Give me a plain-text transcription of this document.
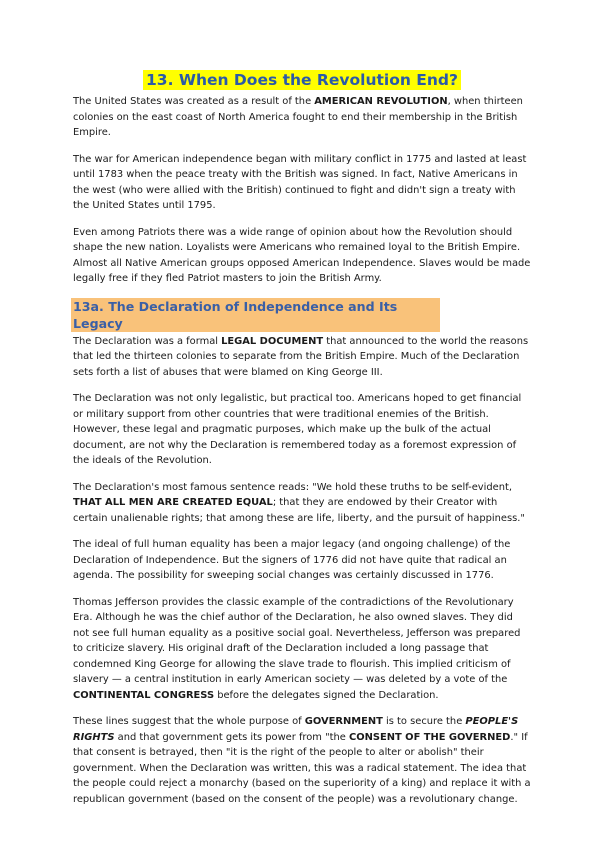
13. When Does the Revolution End?

The United States was created as a result of the AMERICAN REVOLUTION, when thirteen colonies on the east coast of North America fought to end their membership in the British Empire.

The war for American independence began with military conflict in 1775 and lasted at least until 1783 when the peace treaty with the British was signed. In fact, Native Americans in the west (who were allied with the British) continued to fight and didn't sign a treaty with the United States until 1795.

Even among Patriots there was a wide range of opinion about how the Revolution should shape the new nation. Loyalists were Americans who remained loyal to the British Empire. Almost all Native American groups opposed American Independence. Slaves would be made legally free if they fled Patriot masters to join the British Army.

13a. The Declaration of Independence and Its Legacy

The Declaration was a formal LEGAL DOCUMENT that announced to the world the reasons that led the thirteen colonies to separate from the British Empire. Much of the Declaration sets forth a list of abuses that were blamed on King George III.

The Declaration was not only legalistic, but practical too. Americans hoped to get financial or military support from other countries that were traditional enemies of the British. However, these legal and pragmatic purposes, which make up the bulk of the actual document, are not why the Declaration is remembered today as a foremost expression of the ideals of the Revolution.

The Declaration's most famous sentence reads: "We hold these truths to be self-evident, THAT ALL MEN ARE CREATED EQUAL; that they are endowed by their Creator with certain unalienable rights; that among these are life, liberty, and the pursuit of happiness."

The ideal of full human equality has been a major legacy (and ongoing challenge) of the Declaration of Independence. But the signers of 1776 did not have quite that radical an agenda. The possibility for sweeping social changes was certainly discussed in 1776.

Thomas Jefferson provides the classic example of the contradictions of the Revolutionary Era. Although he was the chief author of the Declaration, he also owned slaves. They did not see full human equality as a positive social goal. Nevertheless, Jefferson was prepared to criticize slavery. His original draft of the Declaration included a long passage that condemned King George for allowing the slave trade to flourish. This implied criticism of slavery — a central institution in early American society — was deleted by a vote of the CONTINENTAL CONGRESS before the delegates signed the Declaration.

These lines suggest that the whole purpose of GOVERNMENT is to secure the PEOPLE'S RIGHTS and that government gets its power from "the CONSENT OF THE GOVERNED." If that consent is betrayed, then "it is the right of the people to alter or abolish" their government. When the Declaration was written, this was a radical statement. The idea that the people could reject a monarchy (based on the superiority of a king) and replace it with a republican government (based on the consent of the people) was a revolutionary change.
